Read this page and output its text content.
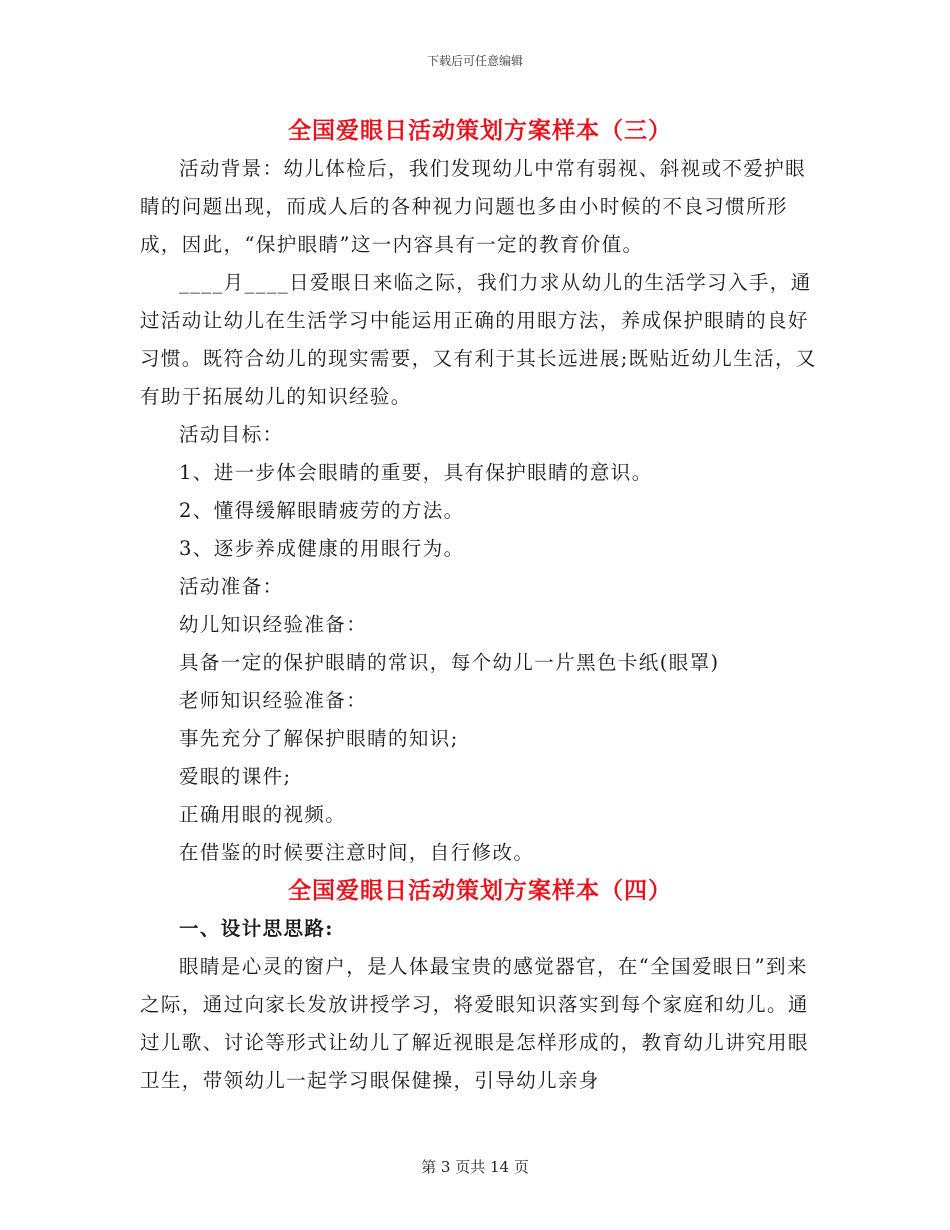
下载后可任意编辑
全国爱眼日活动策划方案样本（三）

活动背景：幼儿体检后，我们发现幼儿中常有弱视、斜视或不爱护眼睛的问题出现，而成人后的各种视力问题也多由小时候的不良习惯所形成，因此，“保护眼睛”这一内容具有一定的教育价值。

____月____日爱眼日来临之际，我们力求从幼儿的生活学习入手，通过活动让幼儿在生活学习中能运用正确的用眼方法，养成保护眼睛的良好习惯。既符合幼儿的现实需要，又有利于其长远进展;既贴近幼儿生活，又有助于拓展幼儿的知识经验。

活动目标：

1、进一步体会眼睛的重要，具有保护眼睛的意识。

2、懂得缓解眼睛疲劳的方法。

3、逐步养成健康的用眼行为。

活动准备：

幼儿知识经验准备：

具备一定的保护眼睛的常识，每个幼儿一片黑色卡纸(眼罩)

老师知识经验准备：

事先充分了解保护眼睛的知识;

爱眼的课件;

正确用眼的视频。

在借鉴的时候要注意时间，自行修改。

全国爱眼日活动策划方案样本（四）

一、设计思思路:

眼睛是心灵的窗户，是人体最宝贵的感觉器官，在“全国爱眼日”到来之际，通过向家长发放讲授学习，将爱眼知识落实到每个家庭和幼儿。通过儿歌、讨论等形式让幼儿了解近视眼是怎样形成的，教育幼儿讲究用眼卫生，带领幼儿一起学习眼保健操，引导幼儿亲身

第 3 页共 14 页
